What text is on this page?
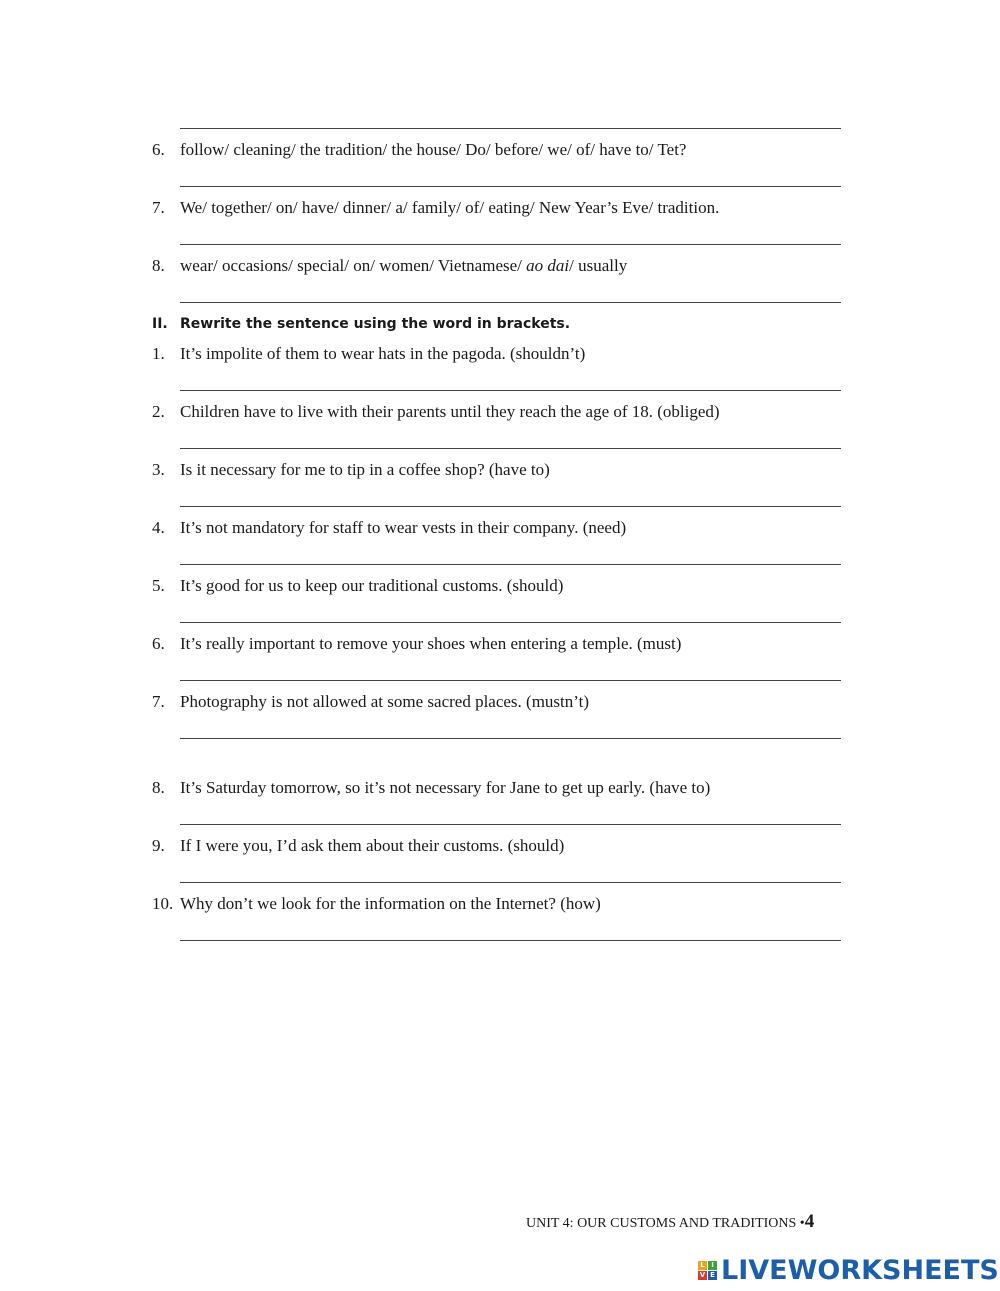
6. follow/ cleaning/ the tradition/ the house/ Do/ before/ we/ of/ have to/ Tet?
7. We/ together/ on/ have/ dinner/ a/ family/ of/ eating/ New Year’s Eve/ tradition.
8. wear/ occasions/ special/ on/ women/ Vietnamese/ ao dai/ usually
II. Rewrite the sentence using the word in brackets.
1. It’s impolite of them to wear hats in the pagoda. (shouldn’t)
2. Children have to live with their parents until they reach the age of 18. (obliged)
3. Is it necessary for me to tip in a coffee shop? (have to)
4. It’s not mandatory for staff to wear vests in their company. (need)
5. It’s good for us to keep our traditional customs. (should)
6. It’s really important to remove your shoes when entering a temple. (must)
7. Photography is not allowed at some sacred places. (mustn’t)
8. It’s Saturday tomorrow, so it’s not necessary for Jane to get up early. (have to)
9. If I were you, I’d ask them about their customs. (should)
10. Why don’t we look for the information on the Internet? (how)
UNIT 4: OUR CUSTOMS AND TRADITIONS •4
L I
V E LIVEWORKSHEETS
